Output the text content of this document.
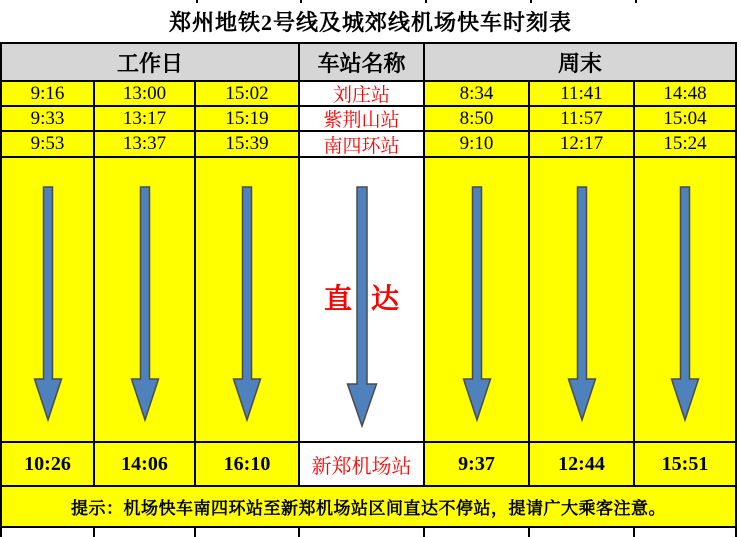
郑州地铁2号线及城郊线机场快车时刻表
工作日	车站名称	周末
9:16	13:00	15:02	刘庄站	8:34	11:41	14:48
9:33	13:17	15:19	紫荆山站	8:50	11:57	15:04
9:53	13:37	15:39	南四环站	9:10	12:17	15:24
直 达
10:26	14:06	16:10	新郑机场站	9:37	12:44	15:51
提示：机场快车南四环站至新郑机场站区间直达不停站，提请广大乘客注意。
